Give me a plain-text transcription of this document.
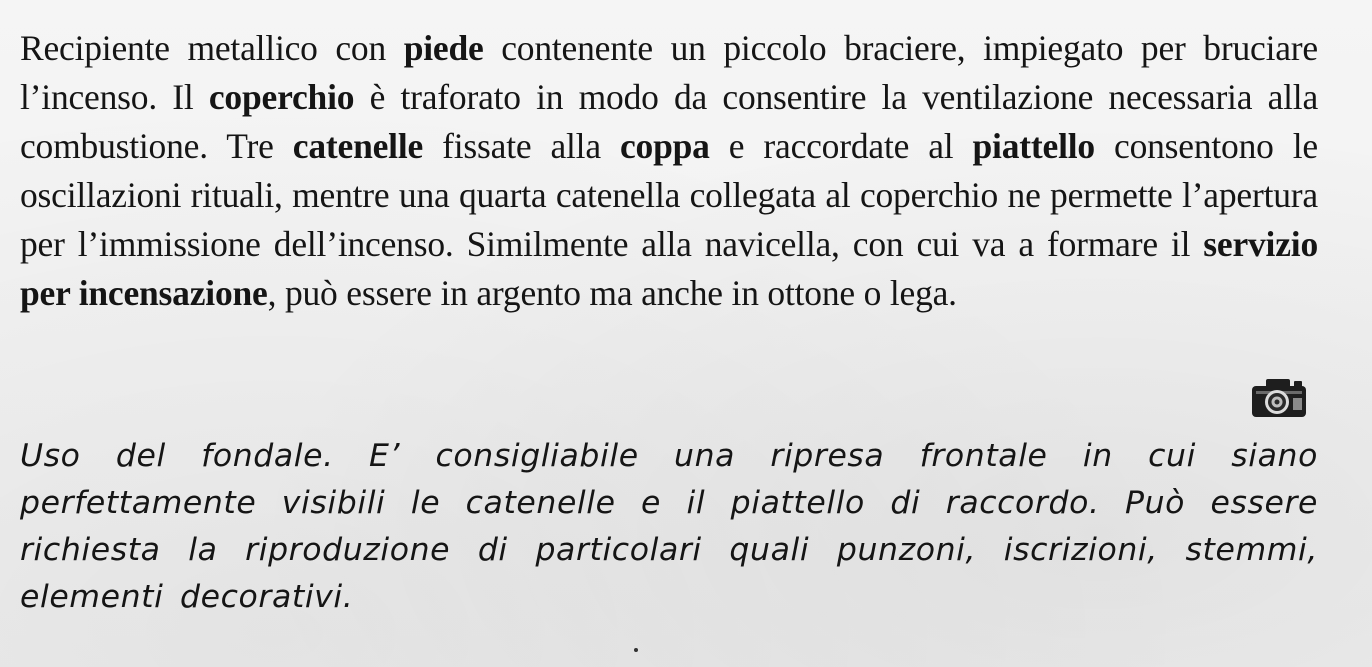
Recipiente metallico con piede contenente un piccolo braciere, impiegato per bruciare l’incenso. Il coperchio è traforato in modo da consentire la ventilazione necessaria alla combustione. Tre catenelle fissate alla coppa e raccordate al piattello consentono le oscillazioni rituali, mentre una quarta catenella collegata al coperchio ne permette l’apertura per l’immissione dell’incenso. Similmente alla navicella, con cui va a formare il servizio per incensazione, può essere in argento ma anche in ottone o lega.

Uso del fondale. E’ consigliabile una ripresa frontale in cui siano perfettamente visibili le catenelle e il piattello di raccordo. Può essere richiesta la riproduzione di particolari quali punzoni, iscrizioni, stemmi, elementi decorativi.
